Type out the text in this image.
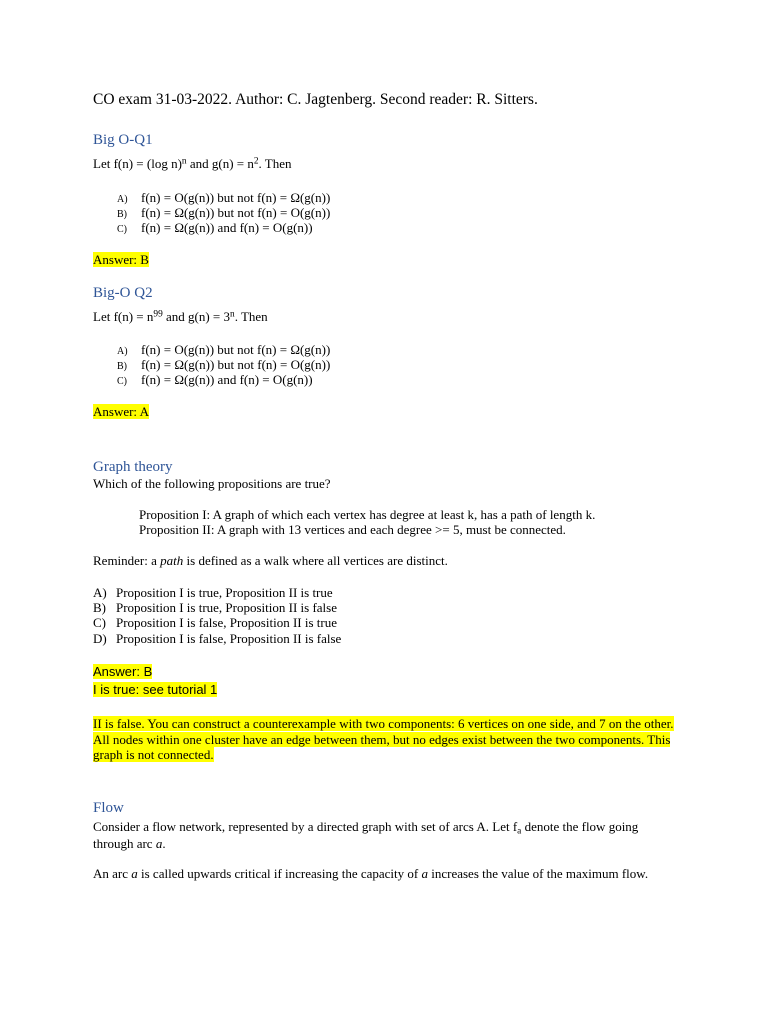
CO exam 31-03-2022. Author: C. Jagtenberg. Second reader: R. Sitters.
Big O-Q1
Let f(n) = (log n)$^n$ and $g(n) = n^2$. Then
A) f(n) = O(g(n)) but not f(n) = Ω(g(n))
B) f(n) = Ω(g(n)) but not f(n) = O(g(n))
C) f(n) = Ω(g(n)) and f(n) = O(g(n))
Answer: B
Big-O Q2
Let $f(n) = n^{99}$ and $g(n) = 3^n$. Then
A) f(n) = O(g(n)) but not f(n) = Ω(g(n))
B) f(n) = Ω(g(n)) but not f(n) = O(g(n))
C) f(n) = Ω(g(n)) and f(n) = O(g(n))
Answer: A
Graph theory
Which of the following propositions are true?
Proposition I: A graph of which each vertex has degree at least k, has a path of length k.
Proposition II: A graph with 13 vertices and each degree >= 5, must be connected.
Reminder: a path is defined as a walk where all vertices are distinct.
A) Proposition I is true, Proposition II is true
B) Proposition I is true, Proposition II is false
C) Proposition I is false, Proposition II is true
D) Proposition I is false, Proposition II is false
Answer: B
I is true: see tutorial 1
II is false. You can construct a counterexample with two components: 6 vertices on one side, and 7 on the other. All nodes within one cluster have an edge between them, but no edges exist between the two components. This graph is not connected.
Flow
Consider a flow network, represented by a directed graph with set of arcs A. Let $f_a$ denote the flow going through arc a.
An arc a is called upwards critical if increasing the capacity of a increases the value of the maximum flow.
